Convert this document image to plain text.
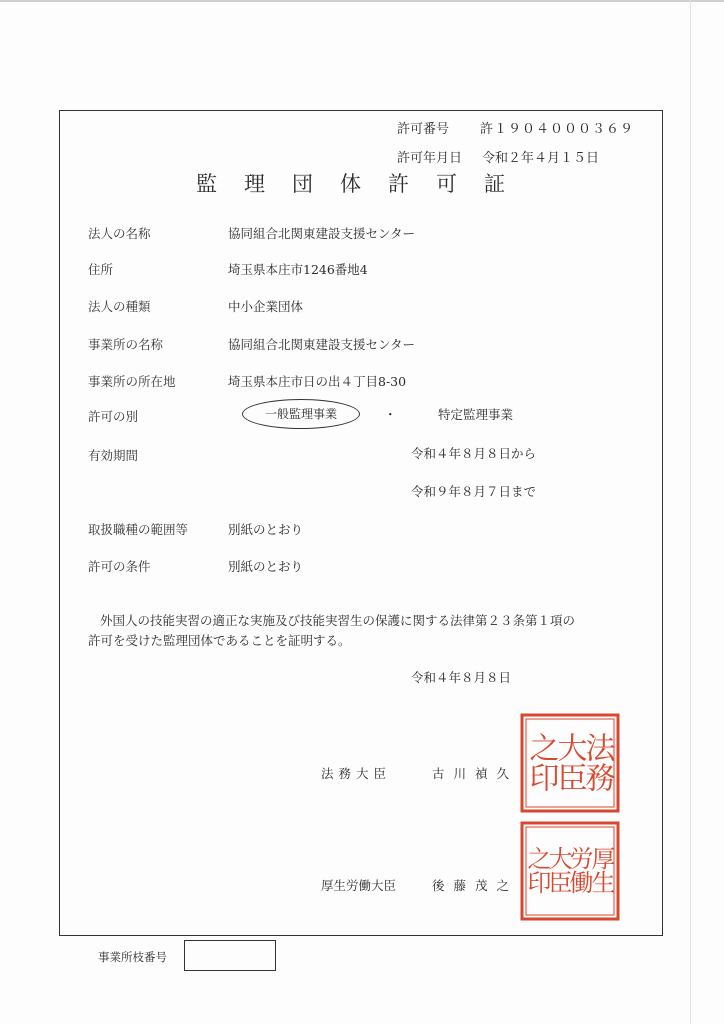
許可番号 許１９０４０００３６９
許可年月日 令和２年４月１５日
監理団体許可証
法人の名称	協同組合北関東建設支援センター
住所	埼玉県本庄市1246番地4
法人の種類	中小企業団体
事業所の名称	協同組合北関東建設支援センター
事業所の所在地	埼玉県本庄市日の出４丁目8-30
許可の別	一般監理事業	・	特定監理事業
有効期間	令和４年８月８日から
令和９年８月７日まで
取扱職種の範囲等	別紙のとおり
許可の条件	別紙のとおり
外国人の技能実習の適正な実施及び技能実習生の保護に関する法律第２３条第１項の
許可を受けた監理団体であることを証明する。
令和４年８月８日
法務大臣	古川禎久
厚生労働大臣	後藤茂之
法務
大臣
之印
厚生
労働
大臣
之印
事業所枝番号
